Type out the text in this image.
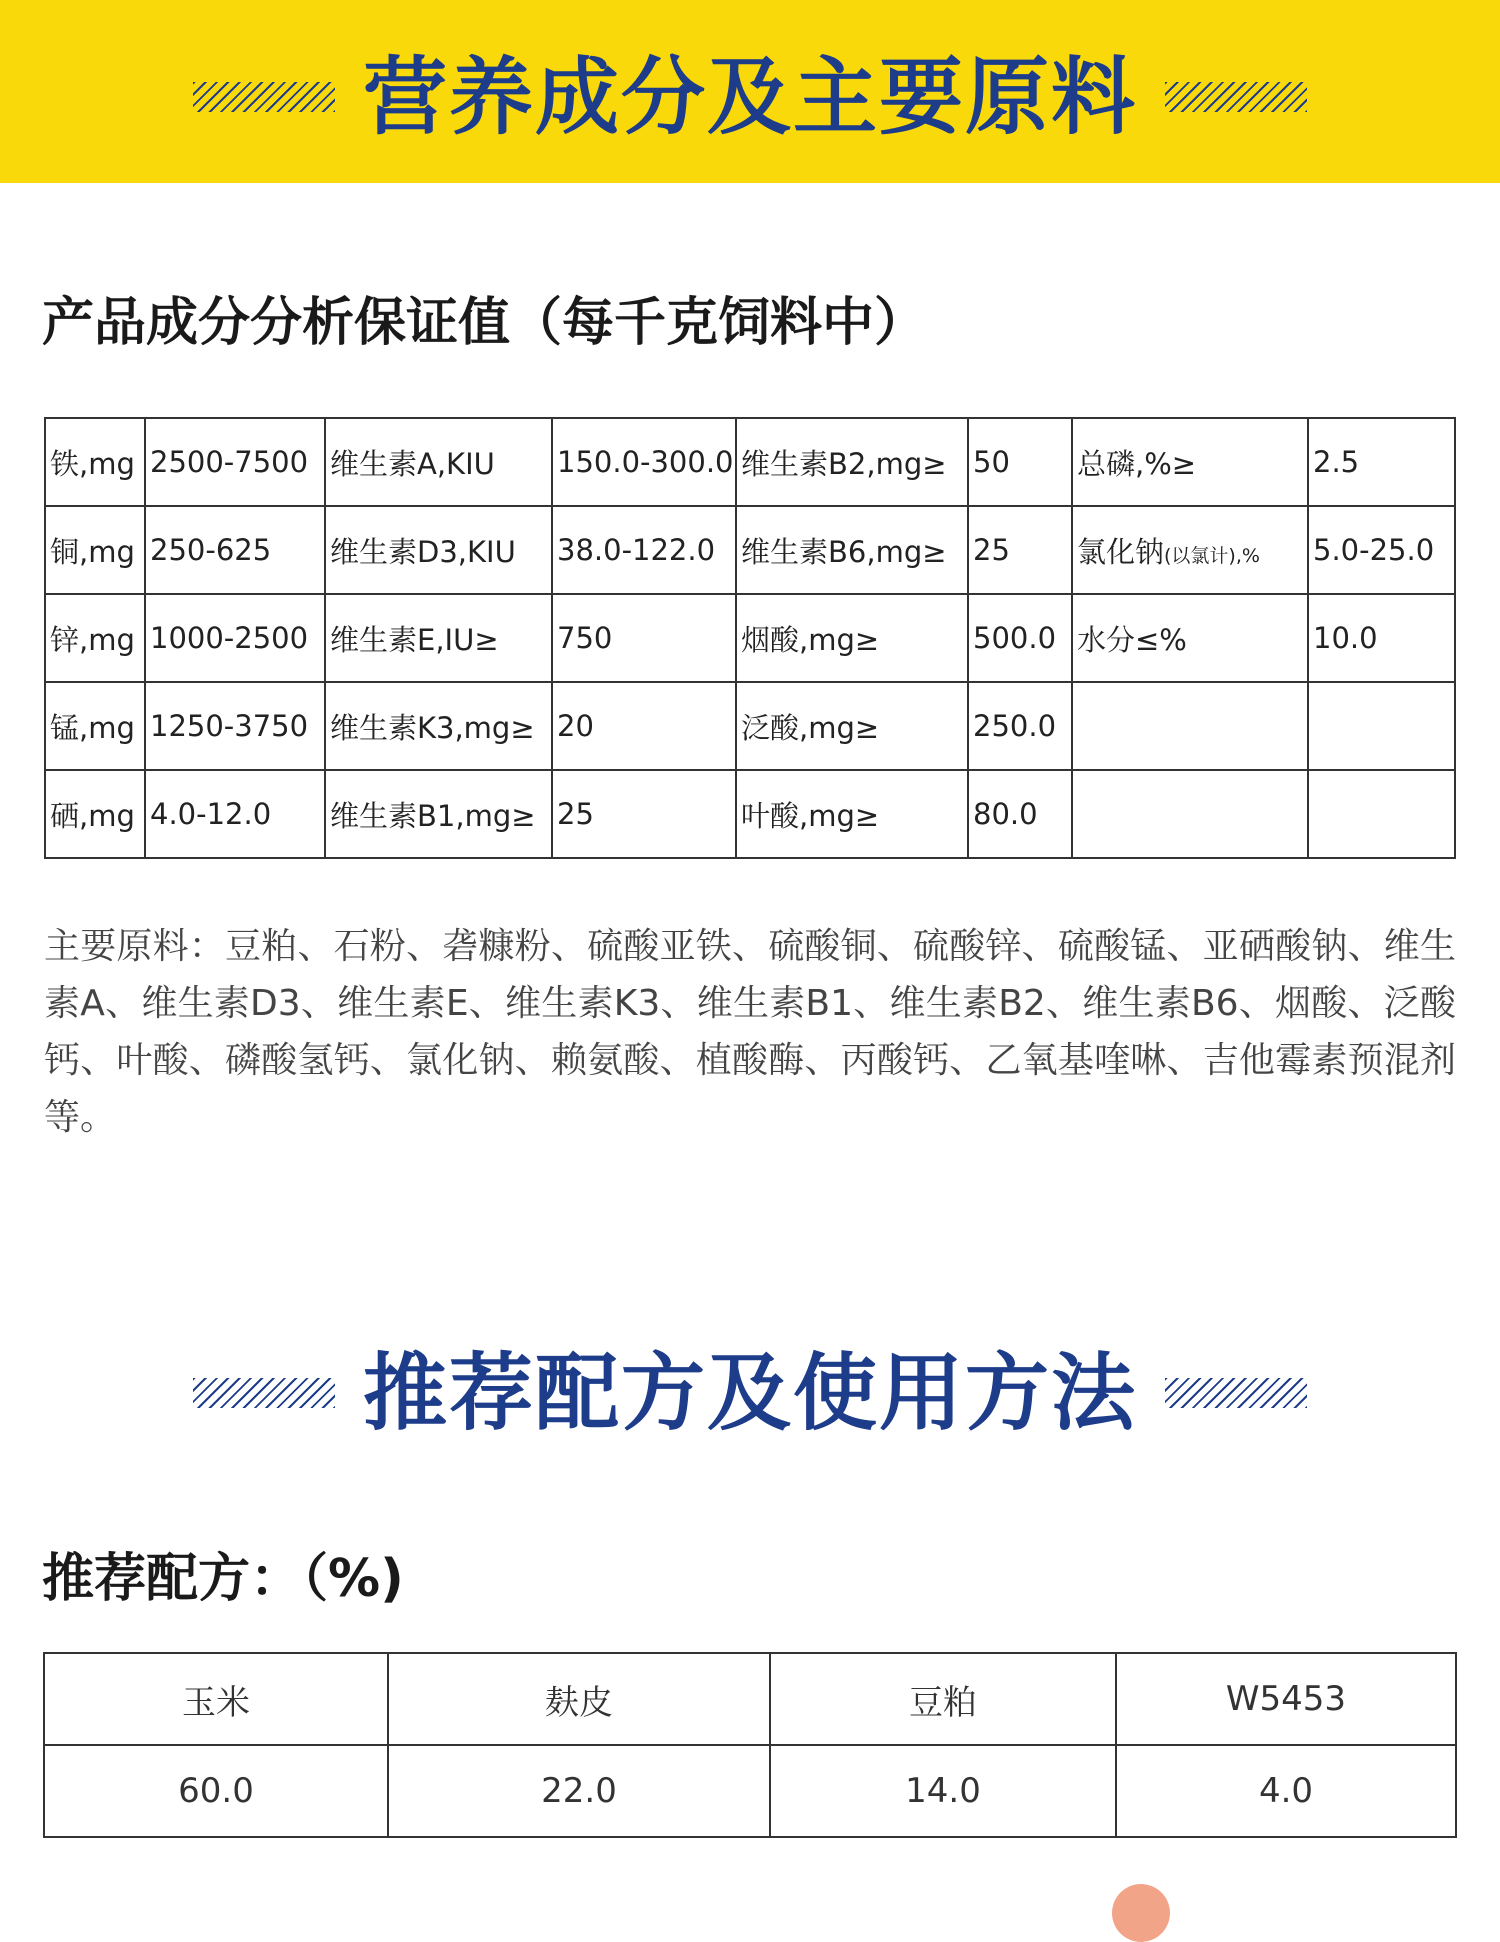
营养成分及主要原料
产品成分分析保证值（每千克饲料中）
铁,mg	2500-7500	维生素A,KIU	150.0-300.0	维生素B2,mg≥	50	总磷,%≥	2.5
铜,mg	250-625	维生素D3,KIU	38.0-122.0	维生素B6,mg≥	25	氯化钠(以氯计),%	5.0-25.0
锌,mg	1000-2500	维生素E,IU≥	750	烟酸,mg≥	500.0	水分≤%	10.0
锰,mg	1250-3750	维生素K3,mg≥	20	泛酸,mg≥	250.0		
硒,mg	4.0-12.0	维生素B1,mg≥	25	叶酸,mg≥	80.0		
主要原料：豆粕、石粉、砻糠粉、硫酸亚铁、硫酸铜、硫酸锌、硫酸锰、亚硒酸钠、维生素A、维生素D3、维生素E、维生素K3、维生素B1、维生素B2、维生素B6、烟酸、泛酸钙、叶酸、磷酸氢钙、氯化钠、赖氨酸、植酸酶、丙酸钙、乙氧基喹啉、吉他霉素预混剂等。
推荐配方及使用方法
推荐配方：（%)
玉米	麸皮	豆粕	W5453
60.0	22.0	14.0	4.0
